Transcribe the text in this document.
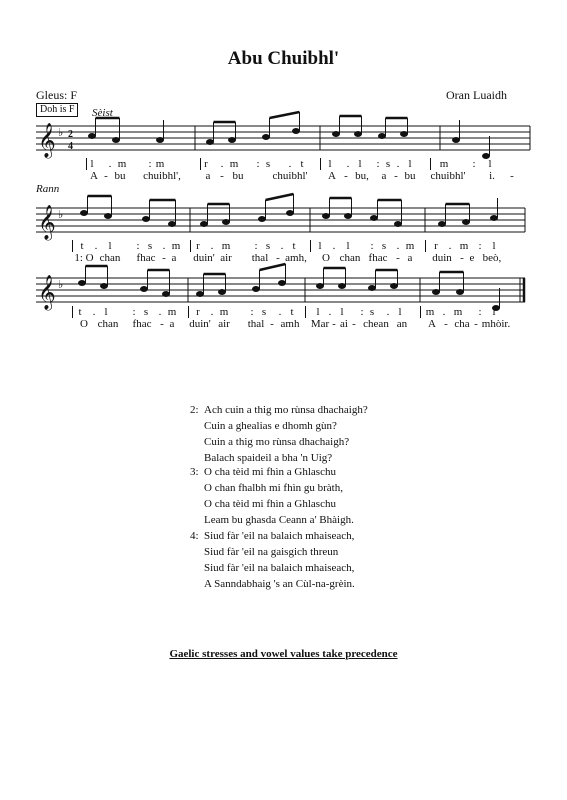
Abu Chuibhl'
Gleus: F	Oran Luaidh
Doh is F	Sèist
Rann
𝄞 ♭ 2
4
l . m : m	r . m : s . t l . l : s . l	m : l
A - bu chuibhl', a - bu	chuibhl' A - bu, a - bu chuibhl' i. -
𝄞 ♭
t . l : s . m r . m : s . t l . l : s . m r . m : l
1: O chan fhac - a duin' air thal - amh, O chan fhac - a duin - e beò,
𝄞 ♭
t . l : s . m r . m : s . t l . l : s . l m . m : l
O chan fhac - a duin' air thal - amh Mar - ai - chean an A - cha - mhòir.
2: Ach cuin a thig mo rùnsa dhachaigh?
Cuin a ghealias e dhomh gùn?
Cuin a thig mo rùnsa dhachaigh?
Balach spaideil a bha 'n Uig?
3: O cha tèid mi fhìn a Ghlaschu
O chan fhalbh mi fhìn gu bràth,
O cha tèid mi fhìn a Ghlaschu
Leam bu ghasda Ceann a' Bhàigh.
4: Siud fàr 'eil na balaich mhaiseach,
Siud fàr 'eil na gaisgich threun
Siud fàr 'eil na balaich mhaiseach,
A Sanndabhaig 's an Cùl-na-grèin.
Gaelic stresses and vowel values take precedence
